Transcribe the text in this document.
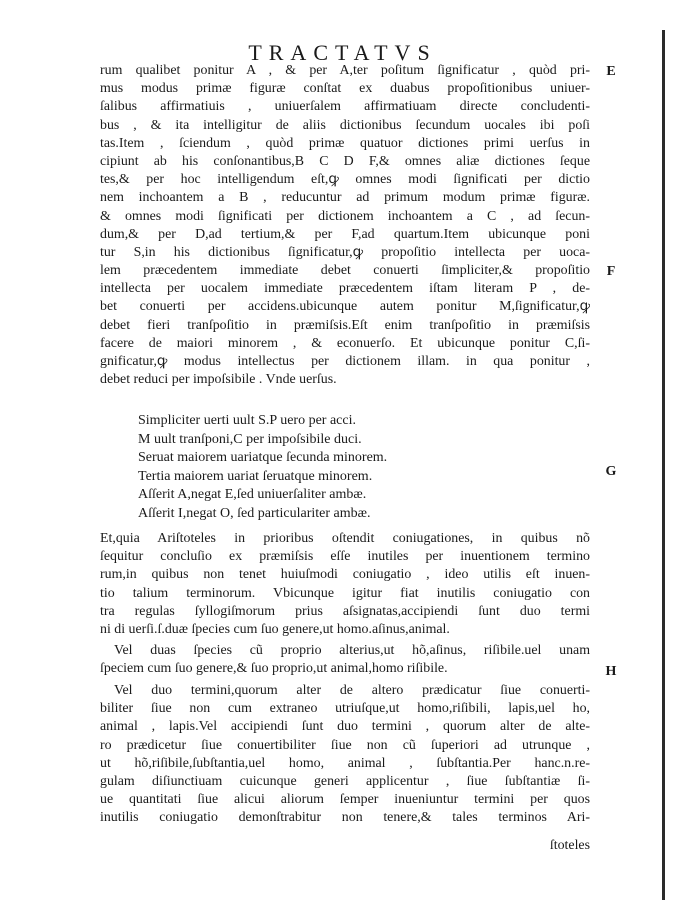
TRACTATVS
E
F
G
H
rum qualibet ponitur A , & per A,ter poſitum ſignificatur , quòd pri-
mus modus primæ figuræ conſtat ex duabus propoſitionibus uniuer-
ſalibus affirmatiuis , uniuerſalem affirmatiuam directe concludenti-
bus , & ita intelligitur de aliis dictionibus ſecundum uocales ibi poſi
tas.Item , ſciendum , quòd primæ quatuor dictiones primi uerſus in
cipiunt ab his conſonantibus,B C D F,& omnes aliæ dictiones ſeque
tes,& per hoc intelligendum eſt,ꝙ omnes modi ſignificati per dictio
nem inchoantem a B , reducuntur ad primum modum primæ figuræ.
& omnes modi ſignificati per dictionem inchoantem a C , ad ſecun-
dum,& per D,ad tertium,& per F,ad quartum.Item ubicunque poni
tur S,in his dictionibus ſignificatur,ꝙ propoſitio intellecta per uoca-
lem præcedentem immediate debet conuerti ſimpliciter,& propoſitio
intellecta per uocalem immediate præcedentem iſtam literam P , de-
bet conuerti per accidens.ubicunque autem ponitur M,ſignificatur,ꝙ
debet fieri tranſpoſitio in præmiſsis.Eſt enim tranſpoſitio in præmiſsis
facere de maiori minorem , & econuerſo. Et ubicunque ponitur C,ſi-
gnificatur,ꝙ modus intellectus per dictionem illam. in qua ponitur ,
debet reduci per impoſsibile . Vnde uerſus.
Simpliciter uerti uult S.P uero per acci.
M uult tranſponi,C per impoſsibile duci.
Seruat maiorem uariatque ſecunda minorem.
Tertia maiorem uariat ſeruatque minorem.
Aſſerit A,negat E,ſed uniuerſaliter ambæ.
Aſſerit I,negat O, ſed particulariter ambæ.
Et,quia Ariſtoteles in prioribus oſtendit coniugationes, in quibus nõ
ſequitur concluſio ex præmiſsis eſſe inutiles per inuentionem termino
rum,in quibus non tenet huiuſmodi coniugatio , ideo utilis eſt inuen-
tio talium terminorum. Vbicunque igitur fiat inutilis coniugatio con
tra regulas ſyllogiſmorum prius aſsignatas,accipiendi ſunt duo termi
ni di uerſi.ſ.duæ ſpecies cum ſuo genere,ut homo.aſinus,animal.
Vel duas ſpecies cũ proprio alterius,ut hõ,aſinus, riſibile.uel unam
ſpeciem cum ſuo genere,& ſuo proprio,ut animal,homo riſibile.
Vel duo termini,quorum alter de altero prædicatur ſiue conuerti-
biliter ſiue non cum extraneo utriuſque,ut homo,riſibili, lapis,uel ho,
animal , lapis.Vel accipiendi ſunt duo termini , quorum alter de alte-
ro prædicetur ſiue conuertibiliter ſiue non cũ ſuperiori ad utrunque ,
ut hõ,riſibile,ſubſtantia,uel homo, animal , ſubſtantia.Per hanc.n.re-
gulam diſiunctiuam cuicunque generi applicentur , ſiue ſubſtantiæ ſi-
ue quantitati ſiue alicui aliorum ſemper inueniuntur termini per quos
inutilis coniugatio demonſtrabitur non tenere,& tales terminos Ari-
ſtoteles
